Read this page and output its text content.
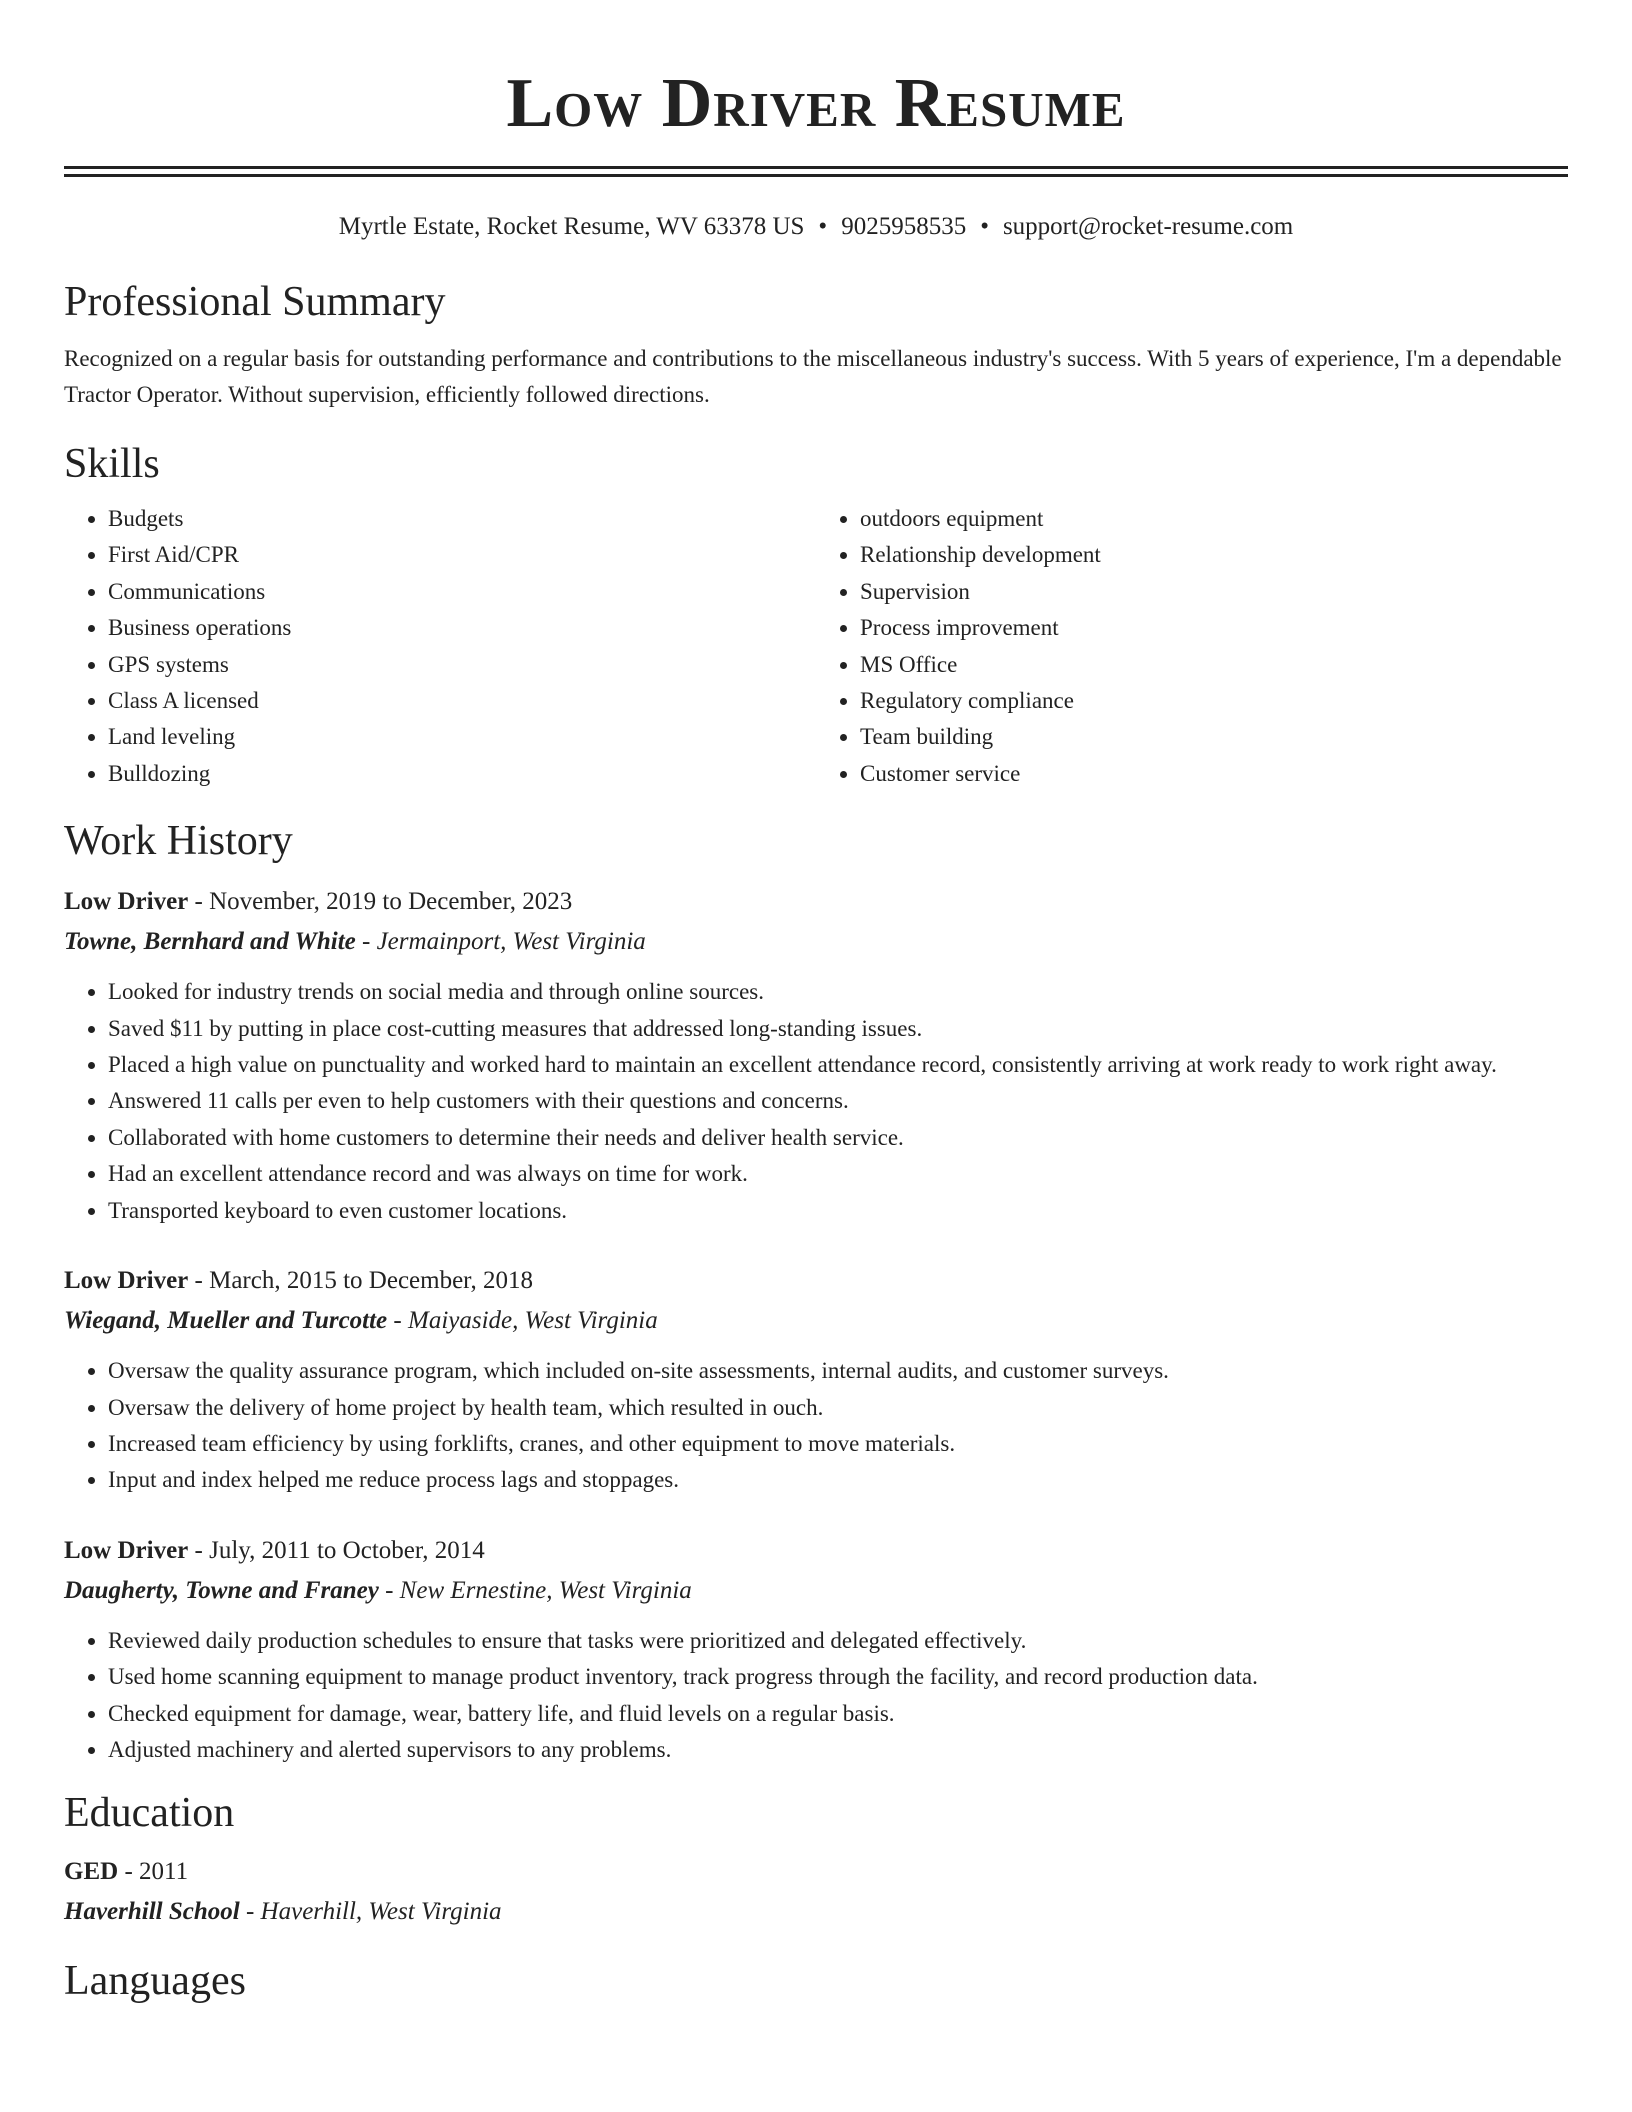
Low Driver Resume
Myrtle Estate, Rocket Resume, WV 63378 US • 9025958535 • support@rocket-resume.com
Professional Summary
Recognized on a regular basis for outstanding performance and contributions to the miscellaneous industry's success. With 5 years of experience, I'm a dependable Tractor Operator. Without supervision, efficiently followed directions.
Skills
• Budgets
• First Aid/CPR
• Communications
• Business operations
• GPS systems
• Class A licensed
• Land leveling
• Bulldozing
• outdoors equipment
• Relationship development
• Supervision
• Process improvement
• MS Office
• Regulatory compliance
• Team building
• Customer service
Work History
Low Driver - November, 2019 to December, 2023
Towne, Bernhard and White - Jermainport, West Virginia
• Looked for industry trends on social media and through online sources.
• Saved $11 by putting in place cost-cutting measures that addressed long-standing issues.
• Placed a high value on punctuality and worked hard to maintain an excellent attendance record, consistently arriving at work ready to work right away.
• Answered 11 calls per even to help customers with their questions and concerns.
• Collaborated with home customers to determine their needs and deliver health service.
• Had an excellent attendance record and was always on time for work.
• Transported keyboard to even customer locations.
Low Driver - March, 2015 to December, 2018
Wiegand, Mueller and Turcotte - Maiyaside, West Virginia
• Oversaw the quality assurance program, which included on-site assessments, internal audits, and customer surveys.
• Oversaw the delivery of home project by health team, which resulted in ouch.
• Increased team efficiency by using forklifts, cranes, and other equipment to move materials.
• Input and index helped me reduce process lags and stoppages.
Low Driver - July, 2011 to October, 2014
Daugherty, Towne and Franey - New Ernestine, West Virginia
• Reviewed daily production schedules to ensure that tasks were prioritized and delegated effectively.
• Used home scanning equipment to manage product inventory, track progress through the facility, and record production data.
• Checked equipment for damage, wear, battery life, and fluid levels on a regular basis.
• Adjusted machinery and alerted supervisors to any problems.
Education
GED - 2011
Haverhill School - Haverhill, West Virginia
Languages
